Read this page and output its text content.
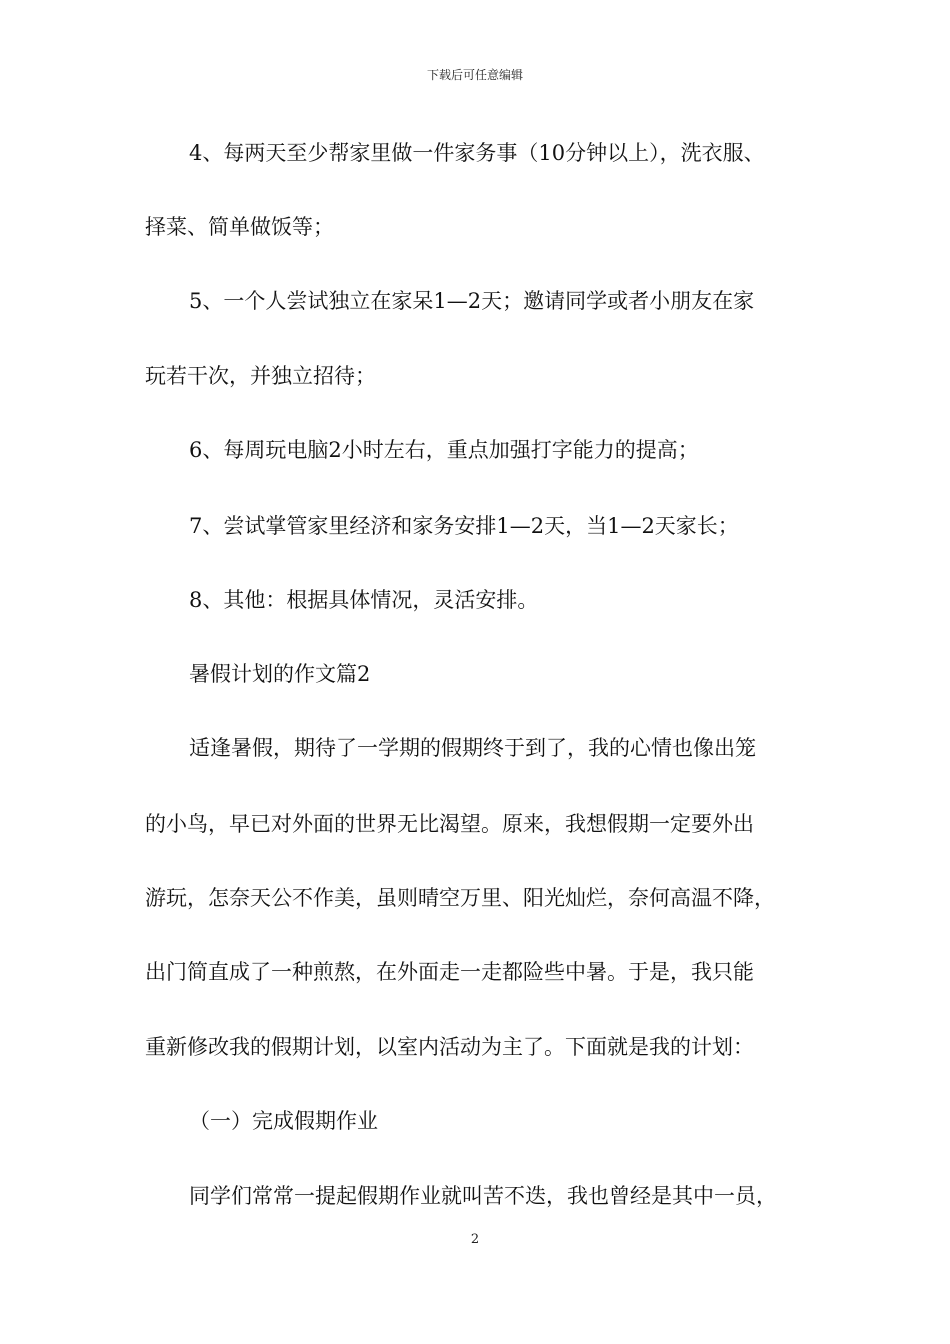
下载后可任意编辑
4、每两天至少帮家里做一件家务事（10分钟以上），洗衣服、
择菜、简单做饭等；
5、一个人尝试独立在家呆1—2天；邀请同学或者小朋友在家
玩若干次，并独立招待；
6、每周玩电脑2小时左右，重点加强打字能力的提高；
7、尝试掌管家里经济和家务安排1—2天，当1—2天家长；
8、其他：根据具体情况，灵活安排。
暑假计划的作文篇2
适逢暑假，期待了一学期的假期终于到了，我的心情也像出笼
的小鸟，早已对外面的世界无比渴望。原来，我想假期一定要外出
游玩，怎奈天公不作美，虽则晴空万里、阳光灿烂，奈何高温不降，
出门简直成了一种煎熬，在外面走一走都险些中暑。于是，我只能
重新修改我的假期计划，以室内活动为主了。下面就是我的计划：
（一）完成假期作业
同学们常常一提起假期作业就叫苦不迭，我也曾经是其中一员，
2
